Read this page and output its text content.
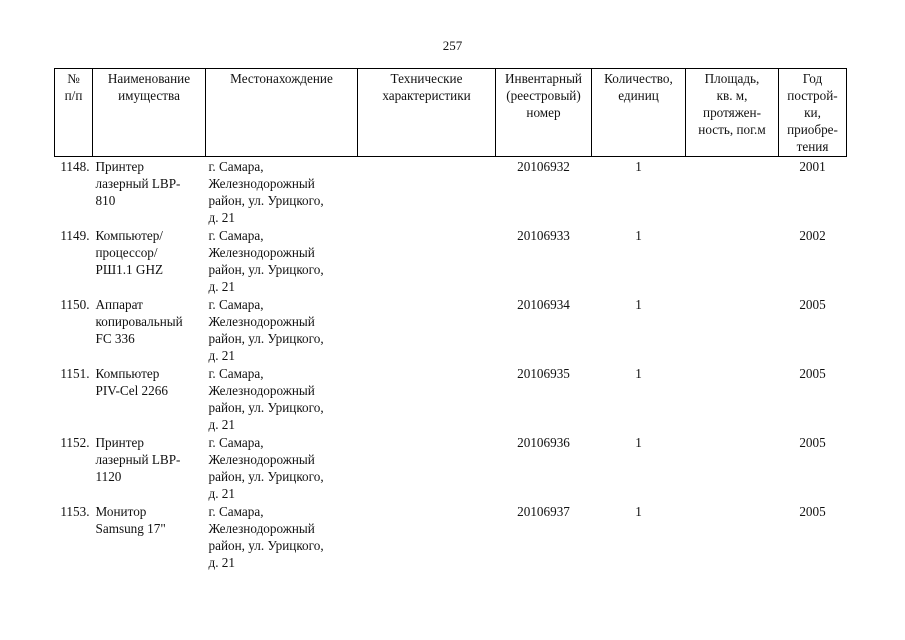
257
№
п/п	Наименование
имущества	Местонахождение	Технические
характеристики	Инвентарный
(реестровый)
номер	Количество,
единиц	Площадь,
кв. м,
протяжен-
ность, пог.м	Год
построй-
ки,
приобре-
тения
1148.	Принтер
лазерный LBP-
810	г. Самара,
Железнодорожный
район, ул. Урицкого,
д. 21		20106932	1		2001
1149.	Компьютер/
процессор/
РШ1.1 GHZ	г. Самара,
Железнодорожный
район, ул. Урицкого,
д. 21		20106933	1		2002
1150.	Аппарат
копировальный
FC 336	г. Самара,
Железнодорожный
район, ул. Урицкого,
д. 21		20106934	1		2005
1151.	Компьютер
PIV-Cel 2266	г. Самара,
Железнодорожный
район, ул. Урицкого,
д. 21		20106935	1		2005
1152.	Принтер
лазерный LBP-
1120	г. Самара,
Железнодорожный
район, ул. Урицкого,
д. 21		20106936	1		2005
1153.	Монитор
Samsung 17"	г. Самара,
Железнодорожный
район, ул. Урицкого,
д. 21		20106937	1		2005
